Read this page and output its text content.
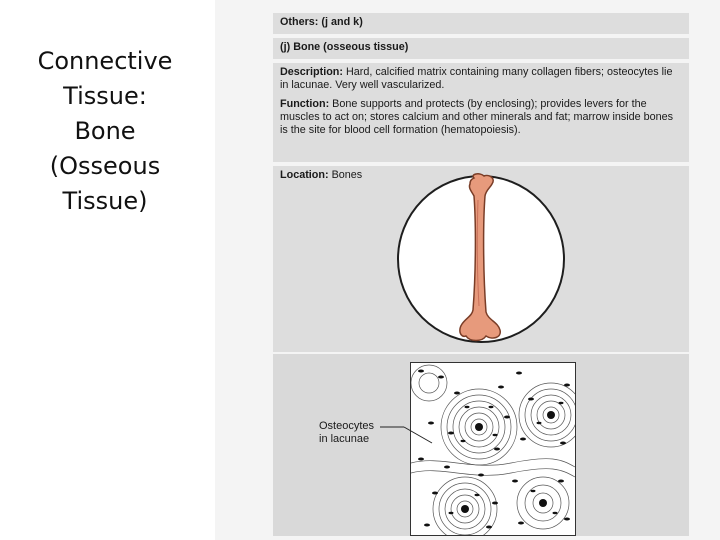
Connective
Tissue:
Bone
(Osseous
Tissue)
Others: (j and k)
(j) Bone (osseous tissue)

Description: Hard, calcified matrix containing many collagen fibers; osteocytes lie in lacunae. Very well vascularized.

Function: Bone supports and protects (by enclosing); provides levers for the muscles to act on; stores calcium and other minerals and fat; marrow inside bones is the site for blood cell formation (hematopoiesis).

Location: Bones
Osteocytes
in lacunae
